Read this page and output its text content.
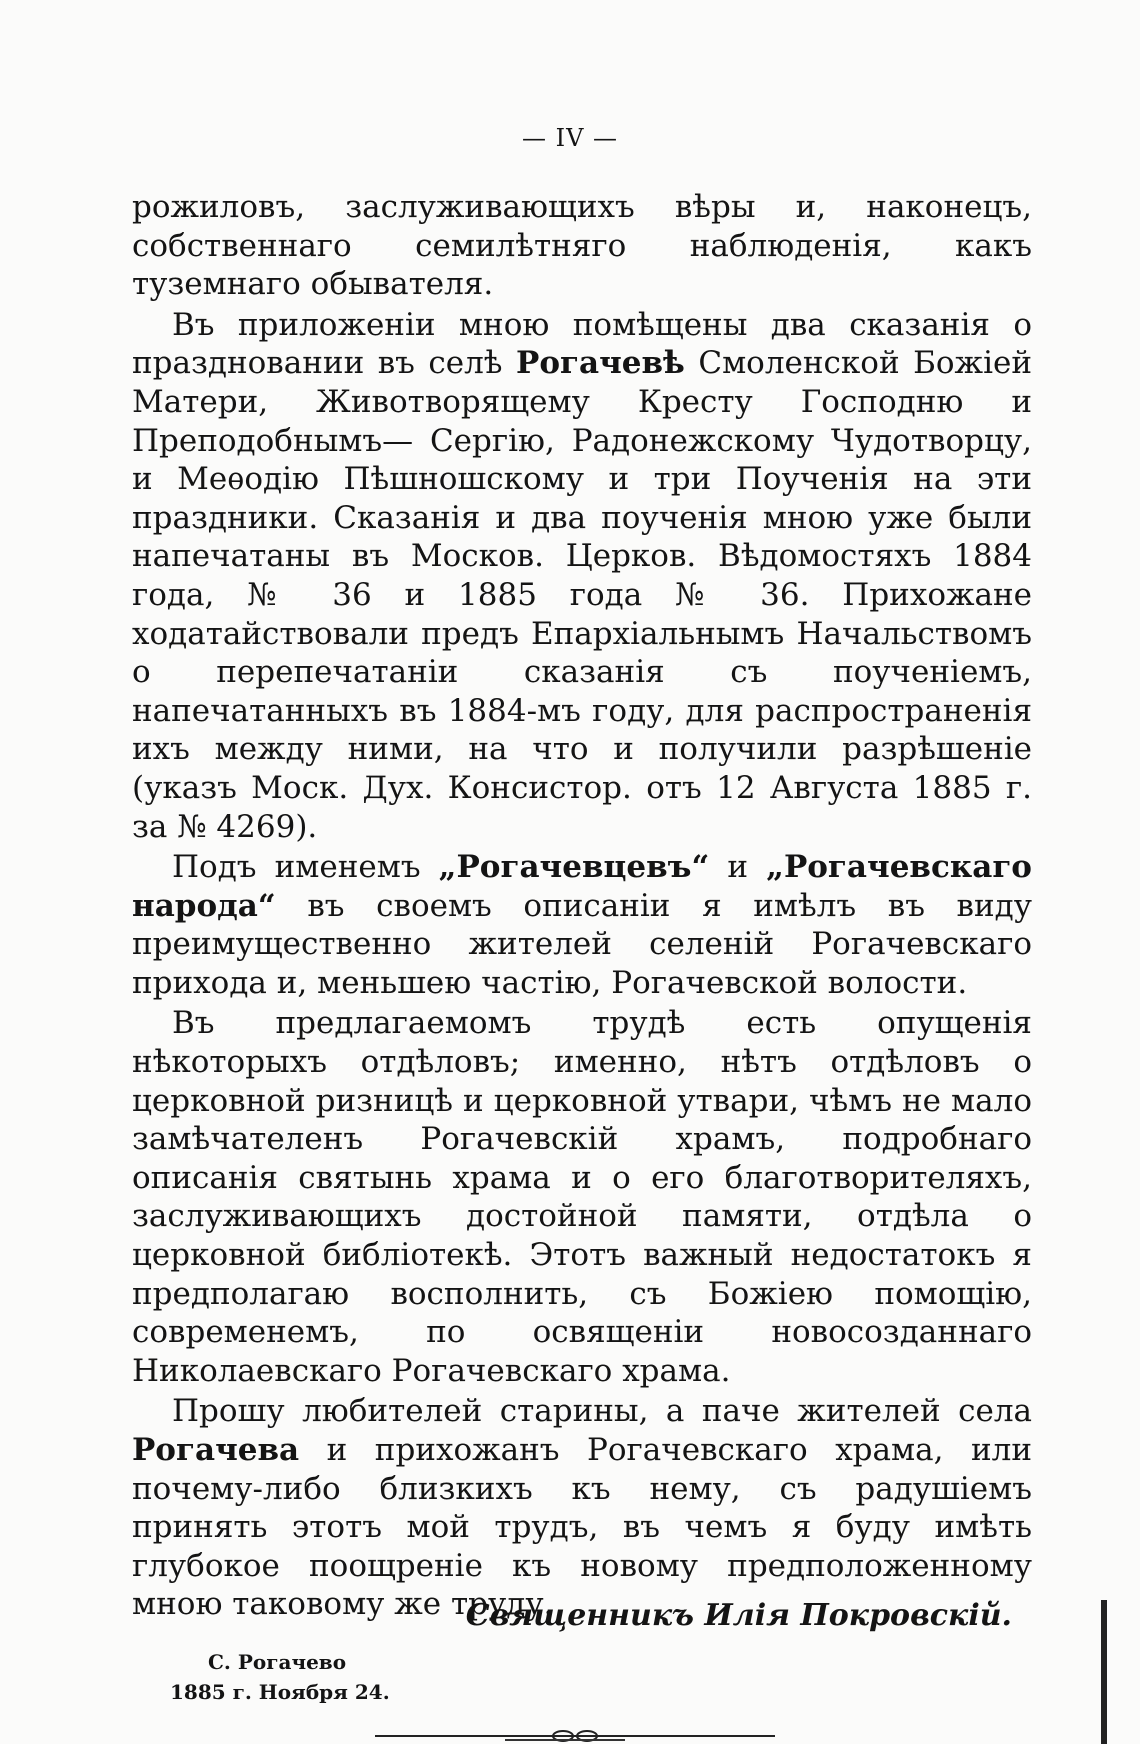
— IV —

рожиловъ, заслуживающихъ вѣры и, наконецъ, собственнаго семилѣтняго наблюденія, какъ туземнаго обывателя.

Въ приложеніи мною помѣщены два сказанія о праздновании въ селѣ Рогачевѣ Смоленской Божіей Матери, Животворящему Кресту Господню и Преподобнымъ— Сергію, Радонежскому Чудотворцу, и Меѳодію Пѣшношскому и три Поученія на эти праздники. Сказанія и два поученія мною уже были напечатаны въ Москов. Церков. Вѣдомостяхъ 1884 года, № 36 и 1885 года № 36. Прихожане ходатайствовали предъ Епархіальнымъ Начальствомъ о перепечатаніи сказанія съ поученіемъ, напечатанныхъ въ 1884-мъ году, для распространенія ихъ между ними, на что и получили разрѣшеніе (указъ Моск. Дух. Консистор. отъ 12 Августа 1885 г. за № 4269).

Подъ именемъ „Рогачевцевъ“ и „Рогачевскаго народа“ въ своемъ описаніи я имѣлъ въ виду преимущественно жителей селеній Рогачевскаго прихода и, меньшею частію, Рогачевской волости.

Въ предлагаемомъ трудѣ есть опущенія нѣкоторыхъ отдѣловъ; именно, нѣтъ отдѣловъ о церковной ризницѣ и церковной утвари, чѣмъ не мало замѣчателенъ Рогачевскій храмъ, подробнаго описанія святынь храма и о его благотворителяхъ, заслуживающихъ достойной памяти, отдѣла о церковной библіотекѣ. Этотъ важный недостатокъ я предполагаю восполнить, съ Божіею помощію, современемъ, по освященіи новосозданнаго Николаевскаго Рогачевскаго храма.

Прошу любителей старины, а паче жителей села Рогачева и прихожанъ Рогачевскаго храма, или почему-либо близкихъ къ нему, съ радушіемъ принять этотъ мой трудъ, въ чемъ я буду имѣть глубокое поощреніе къ новому предположенному мною таковому же труду.

Священникъ Илія Покровскій.
С. Рогачево
1885 г. Ноября 24.
